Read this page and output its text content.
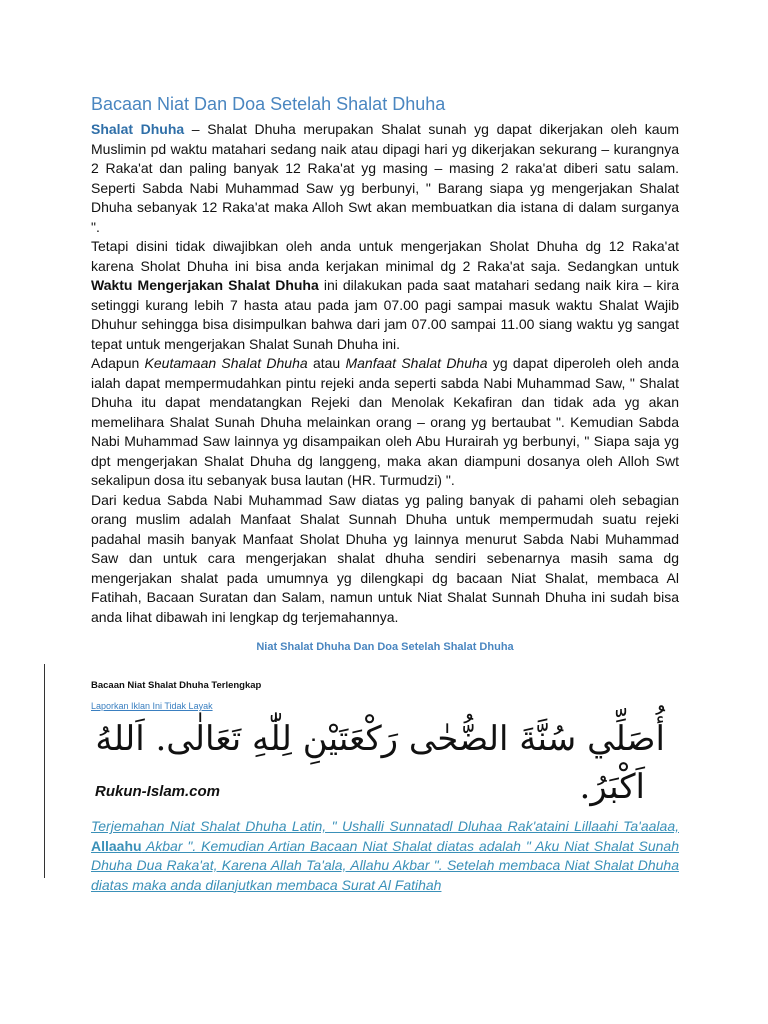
Bacaan Niat Dan Doa Setelah Shalat Dhuha

Shalat Dhuha – Shalat Dhuha merupakan Shalat sunah yg dapat dikerjakan oleh kaum Muslimin pd waktu matahari sedang naik atau dipagi hari yg dikerjakan sekurang – kurangnya 2 Raka'at dan paling banyak 12 Raka'at yg masing – masing 2 raka'at diberi satu salam. Seperti Sabda Nabi Muhammad Saw yg berbunyi, " Barang siapa yg mengerjakan Shalat Dhuha sebanyak 12 Raka'at maka Alloh Swt akan membuatkan dia istana di dalam surganya ".

Tetapi disini tidak diwajibkan oleh anda untuk mengerjakan Sholat Dhuha dg 12 Raka'at karena Sholat Dhuha ini bisa anda kerjakan minimal dg 2 Raka'at saja. Sedangkan untuk Waktu Mengerjakan Shalat Dhuha ini dilakukan pada saat matahari sedang naik kira – kira setinggi kurang lebih 7 hasta atau pada jam 07.00 pagi sampai masuk waktu Shalat Wajib Dhuhur sehingga bisa disimpulkan bahwa dari jam 07.00 sampai 11.00 siang waktu yg sangat tepat untuk mengerjakan Shalat Sunah Dhuha ini.

Adapun Keutamaan Shalat Dhuha atau Manfaat Shalat Dhuha yg dapat diperoleh oleh anda ialah dapat mempermudahkan pintu rejeki anda seperti sabda Nabi Muhammad Saw, " Shalat Dhuha itu dapat mendatangkan Rejeki dan Menolak Kekafiran dan tidak ada yg akan memelihara Shalat Sunah Dhuha melainkan orang – orang yg bertaubat ". Kemudian Sabda Nabi Muhammad Saw lainnya yg disampaikan oleh Abu Hurairah yg berbunyi, " Siapa saja yg dpt mengerjakan Shalat Dhuha dg langgeng, maka akan diampuni dosanya oleh Alloh Swt sekalipun dosa itu sebanyak busa lautan (HR. Turmudzi) ".

Dari kedua Sabda Nabi Muhammad Saw diatas yg paling banyak di pahami oleh sebagian orang muslim adalah Manfaat Shalat Sunnah Dhuha untuk mempermudah suatu rejeki padahal masih banyak Manfaat Sholat Dhuha yg lainnya menurut Sabda Nabi Muhammad Saw dan untuk cara mengerjakan shalat dhuha sendiri sebenarnya masih sama dg mengerjakan shalat pada umumnya yg dilengkapi dg bacaan Niat Shalat, membaca Al Fatihah, Bacaan Suratan dan Salam, namun untuk Niat Shalat Sunnah Dhuha ini sudah bisa anda lihat dibawah ini lengkap dg terjemahannya.

Niat Shalat Dhuha Dan Doa Setelah Shalat Dhuha
Bacaan Niat Shalat Dhuha Terlengkap
Laporkan Iklan Ini Tidak Layak
أُصَلِّي سُنَّةَ الضُّحٰى رَكْعَتَيْنِ لِلّٰهِ تَعَالٰى. اَللهُ
اَكْبَرُ.
Rukun-Islam.com
Terjemahan Niat Shalat Dhuha Latin, " Ushalli Sunnatadl Dluhaa Rak'ataini Lillaahi Ta'aalaa, Allaahu Akbar ". Kemudian Artian Bacaan Niat Shalat diatas adalah " Aku Niat Shalat Sunah Dhuha Dua Raka'at, Karena Allah Ta'ala, Allahu Akbar ". Setelah membaca Niat Shalat Dhuha diatas maka anda dilanjutkan membaca Surat Al Fatihah
